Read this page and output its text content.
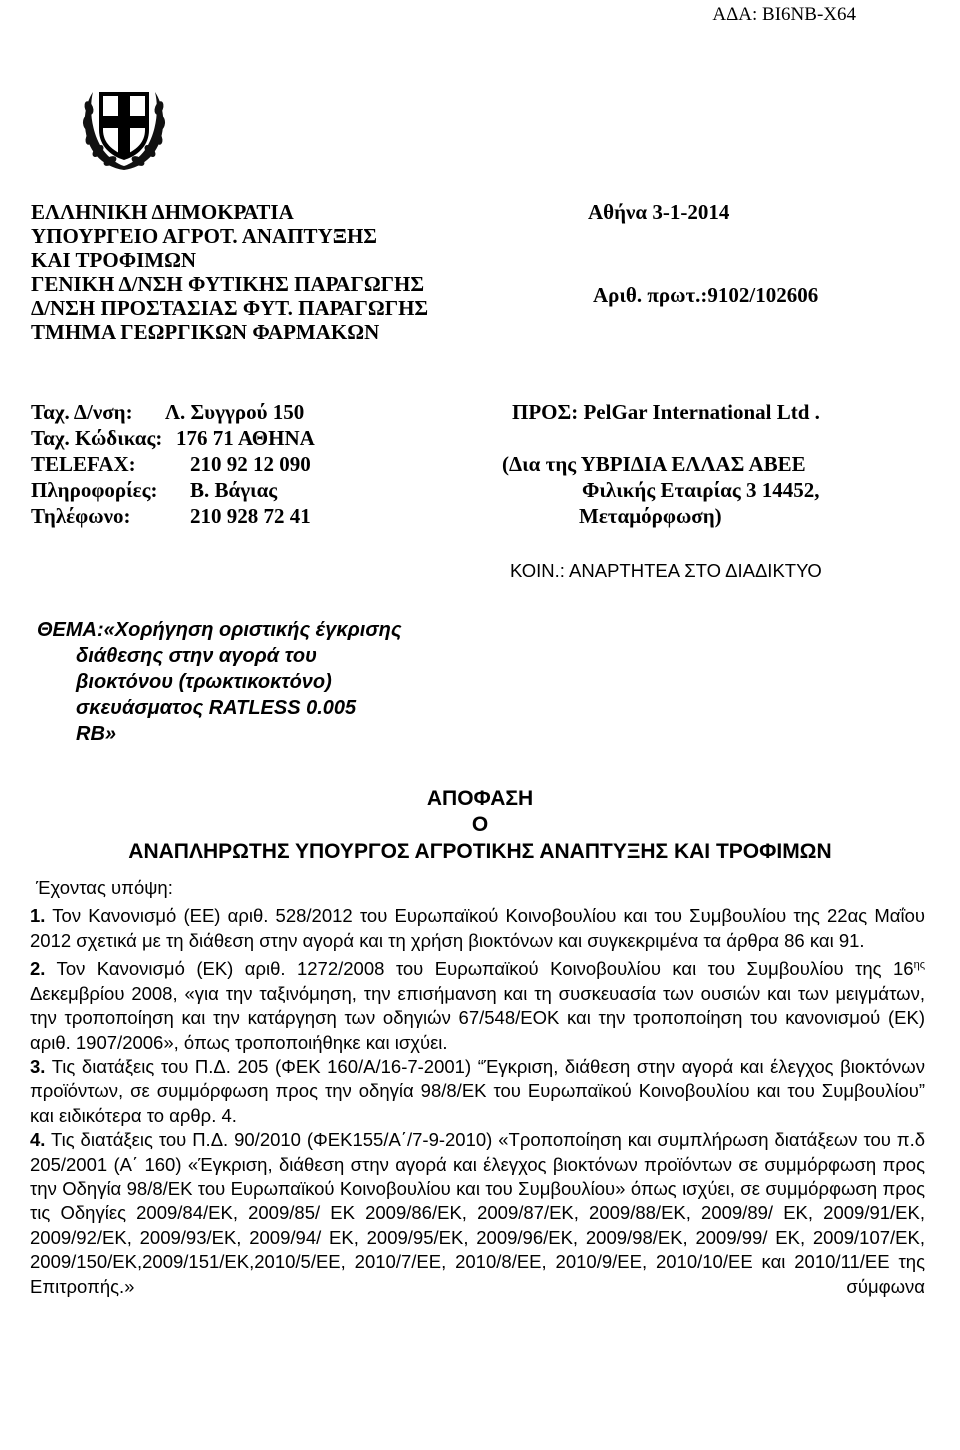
ΑΔΑ: ΒΙ6ΝΒ-Χ64
ΕΛΛΗΝΙΚΗ ΔΗΜΟΚΡΑΤΙΑ
ΥΠΟΥΡΓΕΙΟ ΑΓΡΟΤ. ΑΝΑΠΤΥΞΗΣ
ΚΑΙ ΤΡΟΦΙΜΩΝ
ΓΕΝΙΚΗ Δ/ΝΣΗ ΦΥΤΙΚΗΣ ΠΑΡΑΓΩΓΗΣ
Δ/ΝΣΗ ΠΡΟΣΤΑΣΙΑΣ ΦΥΤ. ΠΑΡΑΓΩΓΗΣ
ΤΜΗΜΑ ΓΕΩΡΓΙΚΩΝ ΦΑΡΜΑΚΩΝ
Αθήνα 3-1-2014
Αριθ. πρωτ.:9102/102606
Ταχ. Δ/νση: Λ. Συγγρού 150
Ταχ. Κώδικας: 176 71 ΑΘΗΝΑ
TELEFAX:	210 92 12 090
Πληροφορίες: Β. Βάγιας
Τηλέφωνο:	210 928 72 41
ΠΡΟΣ: PelGar International Ltd .
(Δια της ΥΒΡΙΔΙΑ ΕΛΛΑΣ ΑΒΕΕ
Φιλικής Εταιρίας 3 14452,
Μεταμόρφωση)
ΚΟΙΝ.: ΑΝΑΡΤΗΤΕΑ ΣΤΟ ΔΙΑΔΙΚΤΥΟ
ΘΕΜΑ:«Χορήγηση οριστικής έγκρισης
διάθεσης στην αγορά του
βιοκτόνου (τρωκτικοκτόνο)
σκευάσματος RATLESS 0.005
RB»
ΑΠΟΦΑΣΗ
Ο
ΑΝΑΠΛΗΡΩΤΗΣ ΥΠΟΥΡΓΟΣ ΑΓΡΟΤΙΚΗΣ ΑΝΑΠΤΥΞΗΣ ΚΑΙ ΤΡΟΦΙΜΩΝ

Έχοντας υπόψη:

1. Τον Κανονισμό (ΕΕ) αριθ. 528/2012 του Ευρωπαϊκού Κοινοβουλίου και του Συμβουλίου της 22ας Μαΐου 2012 σχετικά με τη διάθεση στην αγορά και τη χρήση βιοκτόνων και συγκεκριμένα τα άρθρα 86 και 91.

2. Τον Κανονισμό (ΕΚ) αριθ. 1272/2008 του Ευρωπαϊκού Κοινοβουλίου και του Συμβουλίου της $16^{\eta\varsigma}$ Δεκεμβρίου 2008, «για την ταξινόμηση, την επισήμανση και τη συσκευασία των ουσιών και των μειγμάτων, την τροποποίηση και την κατάργηση των οδηγιών 67/548/ΕΟΚ και την τροποποίηση του κανονισμού (ΕΚ) αριθ. 1907/2006», όπως τροποποιήθηκε και ισχύει.

3. Τις διατάξεις του Π.Δ. 205 (ΦΕΚ 160/Α/16-7-2001) “Έγκριση, διάθεση στην αγορά και έλεγχος βιοκτόνων προϊόντων, σε συμμόρφωση προς την οδηγία 98/8/ΕΚ του Ευρωπαϊκού Κοινοβουλίου και του Συμβουλίου” και ειδικότερα το αρθρ. 4.

4. Τις διατάξεις του Π.Δ. 90/2010 (ΦΕΚ155/Α΄/7-9-2010) «Τροποποίηση και συμπλήρωση διατάξεων του π.δ 205/2001 (Α΄ 160) «Έγκριση, διάθεση στην αγορά και έλεγχος βιοκτόνων προϊόντων σε συμμόρφωση προς την Οδηγία 98/8/ΕΚ του Ευρωπαϊκού Κοινοβουλίου και του Συμβουλίου» όπως ισχύει, σε συμμόρφωση προς τις Οδηγίες 2009/84/ΕΚ, 2009/85/ ΕΚ 2009/86/ΕΚ, 2009/87/ΕΚ, 2009/88/ΕΚ, 2009/89/ ΕΚ, 2009/91/ΕΚ, 2009/92/ΕΚ, 2009/93/ΕΚ, 2009/94/ ΕΚ, 2009/95/ΕΚ, 2009/96/ΕΚ, 2009/98/ΕΚ, 2009/99/ ΕΚ, 2009/107/ΕΚ, 2009/150/ΕΚ,2009/151/ΕΚ,2010/5/ΕΕ, 2010/7/ΕΕ, 2010/8/ΕΕ, 2010/9/ΕΕ, 2010/10/ΕΕ και 2010/11/ΕΕ της Επιτροπής.» σύμφωνα
